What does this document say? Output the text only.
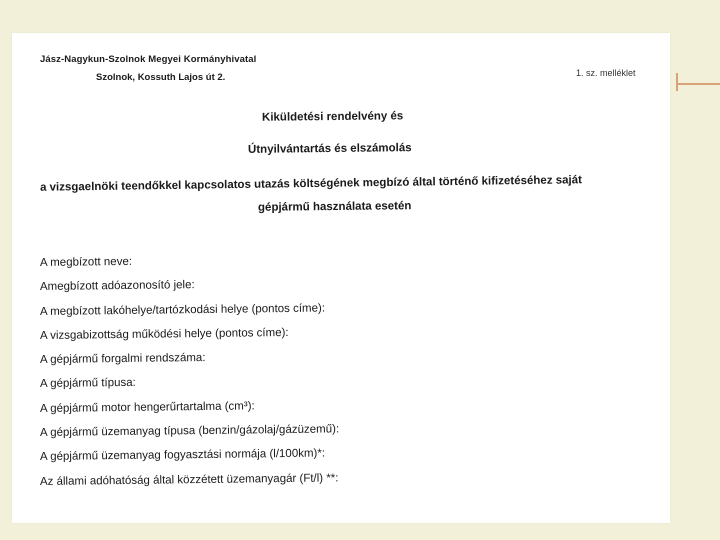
Jász-Nagykun-Szolnok Megyei Kormányhivatal
Szolnok, Kossuth Lajos út 2.	1. sz. melléklet
Kiküldetési rendelvény és
Útnyilvántartás és elszámolás
a vizsgaelnöki teendőkkel kapcsolatos utazás költségének megbízó által történő kifizetéséhez saját
gépjármű használata esetén
A megbízott neve:
Amegbízott adóazonosító jele:
A megbízott lakóhelye/tartózkodási helye (pontos címe):
A vizsgabizottság működési helye (pontos címe):
A gépjármű forgalmi rendszáma:
A gépjármű típusa:
A gépjármű motor hengerűrtartalma (cm³):
A gépjármű üzemanyag típusa (benzin/gázolaj/gázüzemű):
A gépjármű üzemanyag fogyasztási normája (l/100km)*:
Az állami adóhatóság által közzétett üzemanyagár (Ft/l) **:
